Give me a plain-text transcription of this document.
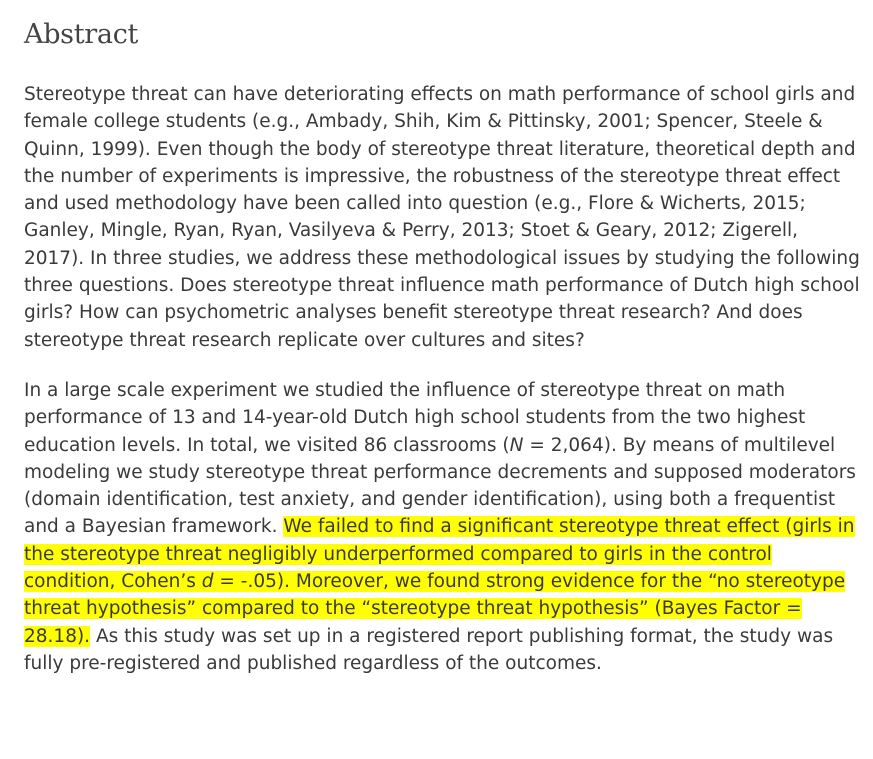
Abstract

Stereotype threat can have deteriorating effects on math performance of school girls and female college students (e.g., Ambady, Shih, Kim & Pittinsky, 2001; Spencer, Steele & Quinn, 1999). Even though the body of stereotype threat literature, theoretical depth and the number of experiments is impressive, the robustness of the stereotype threat effect and used methodology have been called into question (e.g., Flore & Wicherts, 2015; Ganley, Mingle, Ryan, Ryan, Vasilyeva & Perry, 2013; Stoet & Geary, 2012; Zigerell, 2017). In three studies, we address these methodological issues by studying the following three questions. Does stereotype threat influence math performance of Dutch high school girls? How can psychometric analyses benefit stereotype threat research? And does stereotype threat research replicate over cultures and sites?

In a large scale experiment we studied the influence of stereotype threat on math performance of 13 and 14-year-old Dutch high school students from the two highest education levels. In total, we visited 86 classrooms (N = 2,064). By means of multilevel modeling we study stereotype threat performance decrements and supposed moderators (domain identification, test anxiety, and gender identification), using both a frequentist and a Bayesian framework. We failed to find a significant stereotype threat effect (girls in the stereotype threat negligibly underperformed compared to girls in the control condition, Cohen’s d = -.05). Moreover, we found strong evidence for the “no stereotype threat hypothesis” compared to the “stereotype threat hypothesis” (Bayes Factor = 28.18). As this study was set up in a registered report publishing format, the study was fully pre-registered and published regardless of the outcomes.
